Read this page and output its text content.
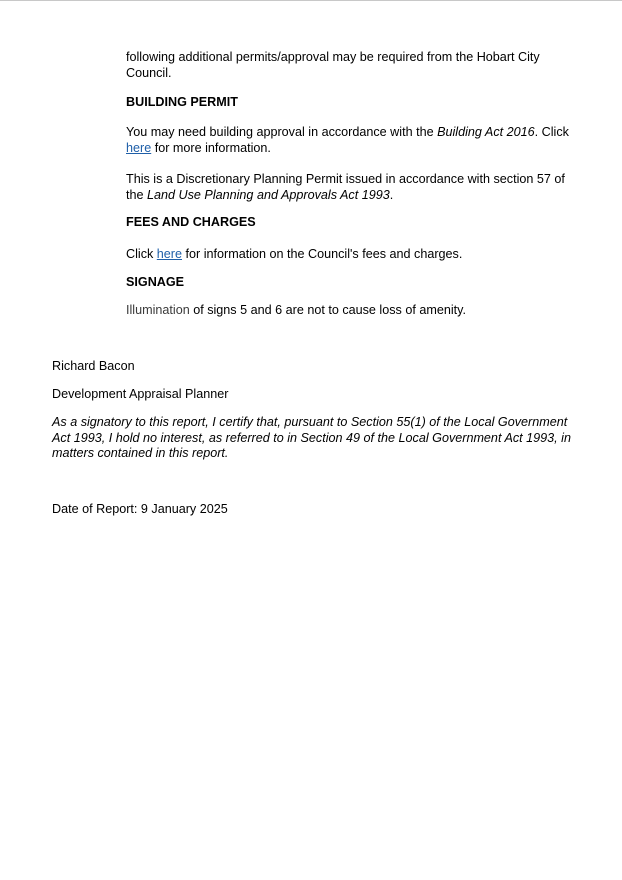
following additional permits/approval may be required from the Hobart City Council.

BUILDING PERMIT

You may need building approval in accordance with the Building Act 2016. Click here for more information.

This is a Discretionary Planning Permit issued in accordance with section 57 of the Land Use Planning and Approvals Act 1993.

FEES AND CHARGES

Click here for information on the Council's fees and charges.

SIGNAGE

Illumination of signs 5 and 6 are not to cause loss of amenity.

Richard Bacon

Development Appraisal Planner

As a signatory to this report, I certify that, pursuant to Section 55(1) of the Local Government Act 1993, I hold no interest, as referred to in Section 49 of the Local Government Act 1993, in matters contained in this report.

Date of Report: 9 January 2025
